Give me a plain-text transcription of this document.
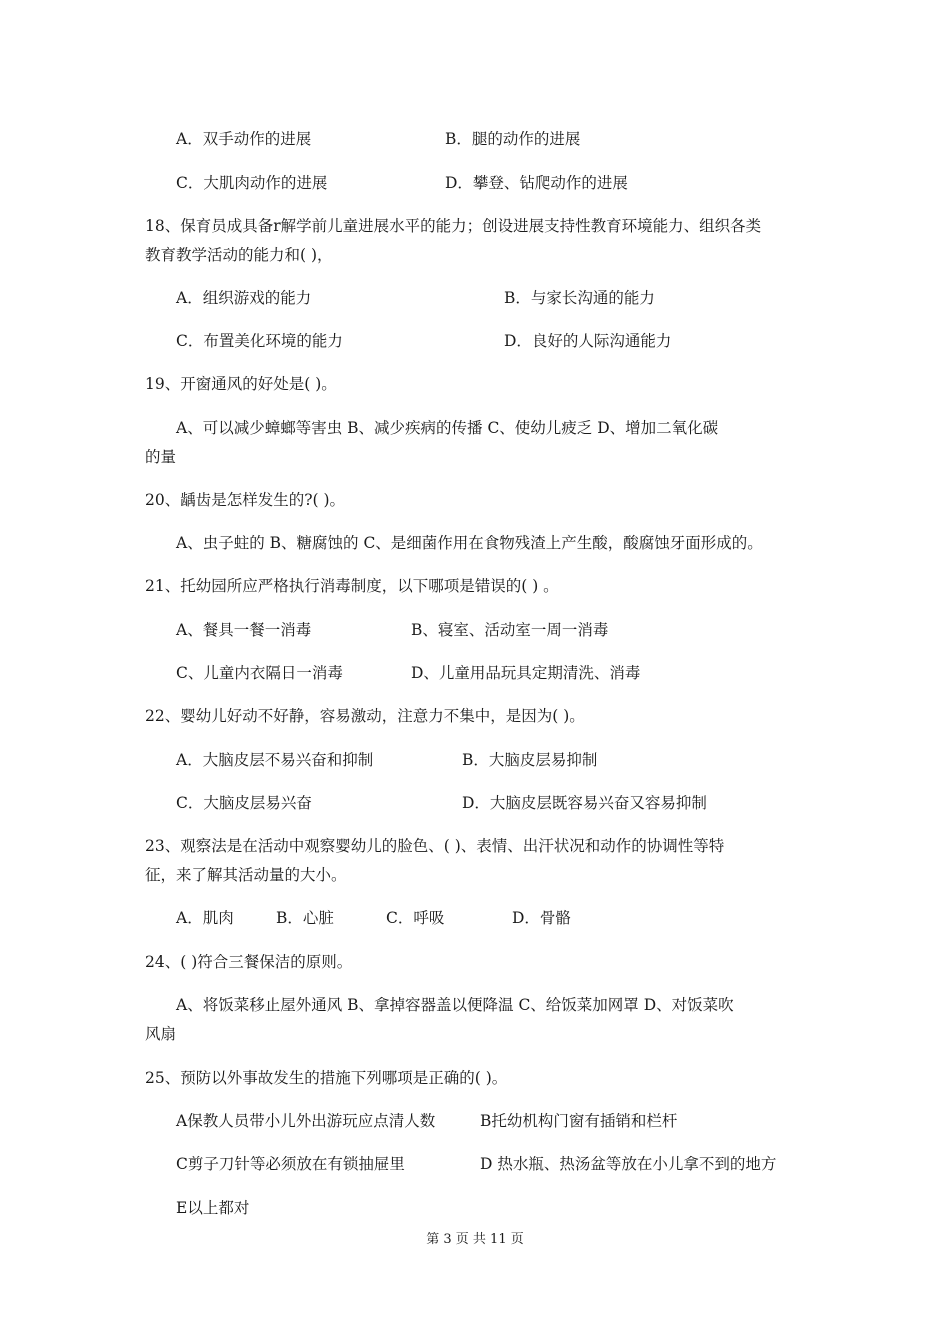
A．双手动作的进展	B．腿的动作的进展
C．大肌肉动作的进展	D．攀登、钻爬动作的进展
18、保育员成具备r解学前儿童进展水平的能力；创设进展支持性教育环境能力、组织各类
教育教学活动的能力和( )，
A．组织游戏的能力	B．与家长沟通的能力
C．布置美化环境的能力	D．良好的人际沟通能力
19、开窗通风的好处是( )。
A、可以减少蟑螂等害虫 B、减少疾病的传播 C、使幼儿疲乏 D、增加二氧化碳
的量
20、龋齿是怎样发生的?( )。
A、虫子蛀的 B、糖腐蚀的 C、是细菌作用在食物残渣上产生酸，酸腐蚀牙面形成的。
21、托幼园所应严格执行消毒制度，以下哪项是错误的( ) 。
A、餐具一餐一消毒	B、寝室、活动室一周一消毒
C、儿童内衣隔日一消毒	D、儿童用品玩具定期清洗、消毒
22、婴幼儿好动不好静，容易激动，注意力不集中，是因为( )。
A．大脑皮层不易兴奋和抑制	B．大脑皮层易抑制
C．大脑皮层易兴奋	D．大脑皮层既容易兴奋又容易抑制
23、观察法是在活动中观察婴幼儿的脸色、( )、表情、出汗状况和动作的协调性等特
征，来了解其活动量的大小。
A．肌肉	B．心脏	C．呼吸	D．骨骼
24、( )符合三餐保洁的原则。
A、将饭菜移止屋外通风 B、拿掉容器盖以便降温 C、给饭菜加网罩 D、对饭菜吹
风扇
25、预防以外事故发生的措施下列哪项是正确的( )。
A保教人员带小儿外出游玩应点清人数	B托幼机构门窗有插销和栏杆
C剪子刀针等必须放在有锁抽屉里	D 热水瓶、热汤盆等放在小儿拿不到的地方
E以上都对
第 3 页 共 11 页
